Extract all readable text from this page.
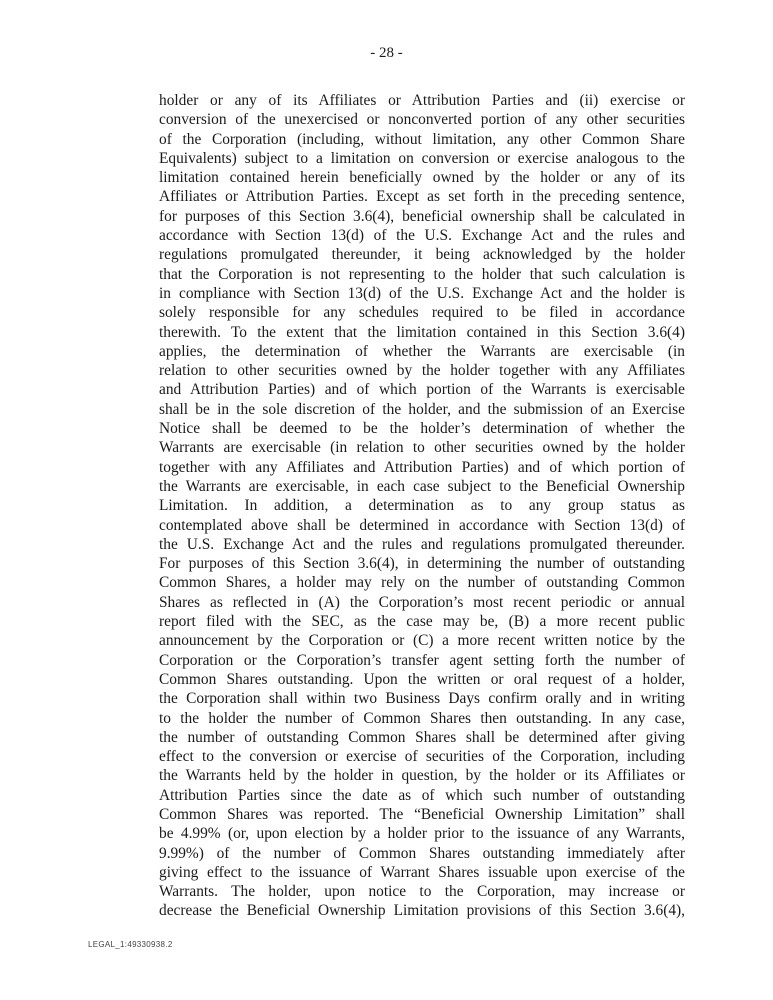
- 28 -
holder or any of its Affiliates or Attribution Parties and (ii) exercise or
conversion of the unexercised or nonconverted portion of any other securities
of the Corporation (including, without limitation, any other Common Share
Equivalents) subject to a limitation on conversion or exercise analogous to the
limitation contained herein beneficially owned by the holder or any of its
Affiliates or Attribution Parties. Except as set forth in the preceding sentence,
for purposes of this Section 3.6(4), beneficial ownership shall be calculated in
accordance with Section 13(d) of the U.S. Exchange Act and the rules and
regulations promulgated thereunder, it being acknowledged by the holder
that the Corporation is not representing to the holder that such calculation is
in compliance with Section 13(d) of the U.S. Exchange Act and the holder is
solely responsible for any schedules required to be filed in accordance
therewith. To the extent that the limitation contained in this Section 3.6(4)
applies, the determination of whether the Warrants are exercisable (in
relation to other securities owned by the holder together with any Affiliates
and Attribution Parties) and of which portion of the Warrants is exercisable
shall be in the sole discretion of the holder, and the submission of an Exercise
Notice shall be deemed to be the holder’s determination of whether the
Warrants are exercisable (in relation to other securities owned by the holder
together with any Affiliates and Attribution Parties) and of which portion of
the Warrants are exercisable, in each case subject to the Beneficial Ownership
Limitation. In addition, a determination as to any group status as
contemplated above shall be determined in accordance with Section 13(d) of
the U.S. Exchange Act and the rules and regulations promulgated thereunder.
For purposes of this Section 3.6(4), in determining the number of outstanding
Common Shares, a holder may rely on the number of outstanding Common
Shares as reflected in (A) the Corporation’s most recent periodic or annual
report filed with the SEC, as the case may be, (B) a more recent public
announcement by the Corporation or (C) a more recent written notice by the
Corporation or the Corporation’s transfer agent setting forth the number of
Common Shares outstanding. Upon the written or oral request of a holder,
the Corporation shall within two Business Days confirm orally and in writing
to the holder the number of Common Shares then outstanding. In any case,
the number of outstanding Common Shares shall be determined after giving
effect to the conversion or exercise of securities of the Corporation, including
the Warrants held by the holder in question, by the holder or its Affiliates or
Attribution Parties since the date as of which such number of outstanding
Common Shares was reported. The “Beneficial Ownership Limitation” shall
be 4.99% (or, upon election by a holder prior to the issuance of any Warrants,
9.99%) of the number of Common Shares outstanding immediately after
giving effect to the issuance of Warrant Shares issuable upon exercise of the
Warrants. The holder, upon notice to the Corporation, may increase or
decrease the Beneficial Ownership Limitation provisions of this Section 3.6(4),
LEGAL_1:49330938.2
